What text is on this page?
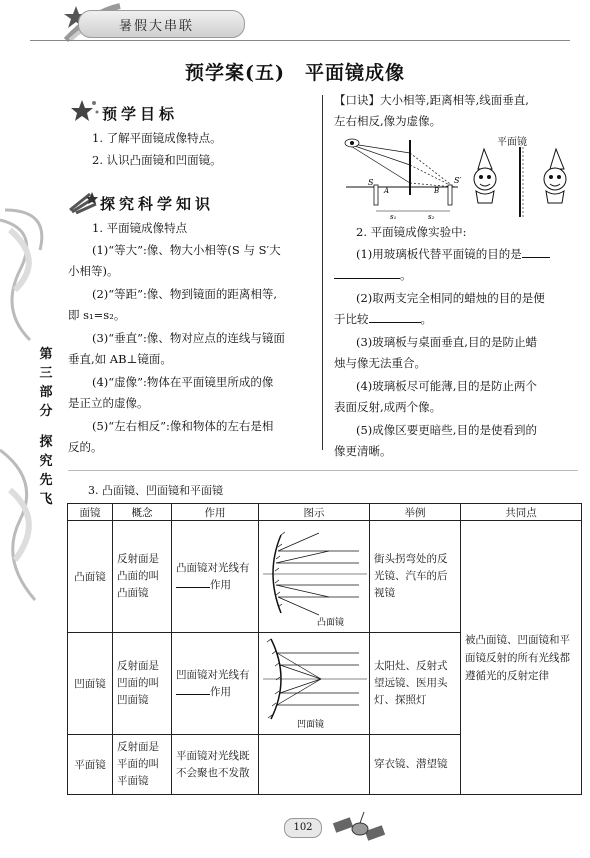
暑假大串联
预学案(五)　平面镜成像
第
三
部
分
探
究
先
飞
预学目标
1. 了解平面镜成像特点。
2. 认识凸面镜和凹面镜。
探究科学知识
1. 平面镜成像特点
(1)“等大”:像、物大小相等(S 与 S′大
小相等)。
(2)“等距”:像、物到镜面的距离相等,
即 s₁=s₂。
(3)“垂直”:像、物对应点的连线与镜面
垂直,如 AB⊥镜面。
(4)“虚像”:物体在平面镜里所成的像
是正立的虚像。
(5)“左右相反”:像和物体的左右是相
反的。
【口诀】大小相等,距离相等,线面垂直,
左右相反,像为虚像。
S
A	B
S′
s₁	s₂
平面镜
2. 平面镜成像实验中:
(1)用玻璃板代替平面镜的目的是
。
(2)取两支完全相同的蜡烛的目的是便
于比较	。
(3)玻璃板与桌面垂直,目的是防止蜡
烛与像无法重合。
(4)玻璃板尽可能薄,目的是防止两个
表面反射,成两个像。
(5)成像区要更暗些,目的是使看到的
像更清晰。
3. 凸面镜、凹面镜和平面镜
面镜	概念	作用	图示	举例	共同点
凸面镜	反射面是凸面的叫凸面镜	凸面镜对光线有
作用	凸面镜	街头拐弯处的反光镜、汽车的后视镜	被凸面镜、凹面镜和平面镜反射的所有光线都遵循光的反射定律
凹面镜	反射面是凹面的叫凹面镜	凹面镜对光线有
作用	凹面镜	太阳灶、反射式望远镜、医用头灯、探照灯	
平面镜	反射面是平面的叫平面镜	平面镜对光线既不会聚也不发散		穿衣镜、潜望镜	
102
